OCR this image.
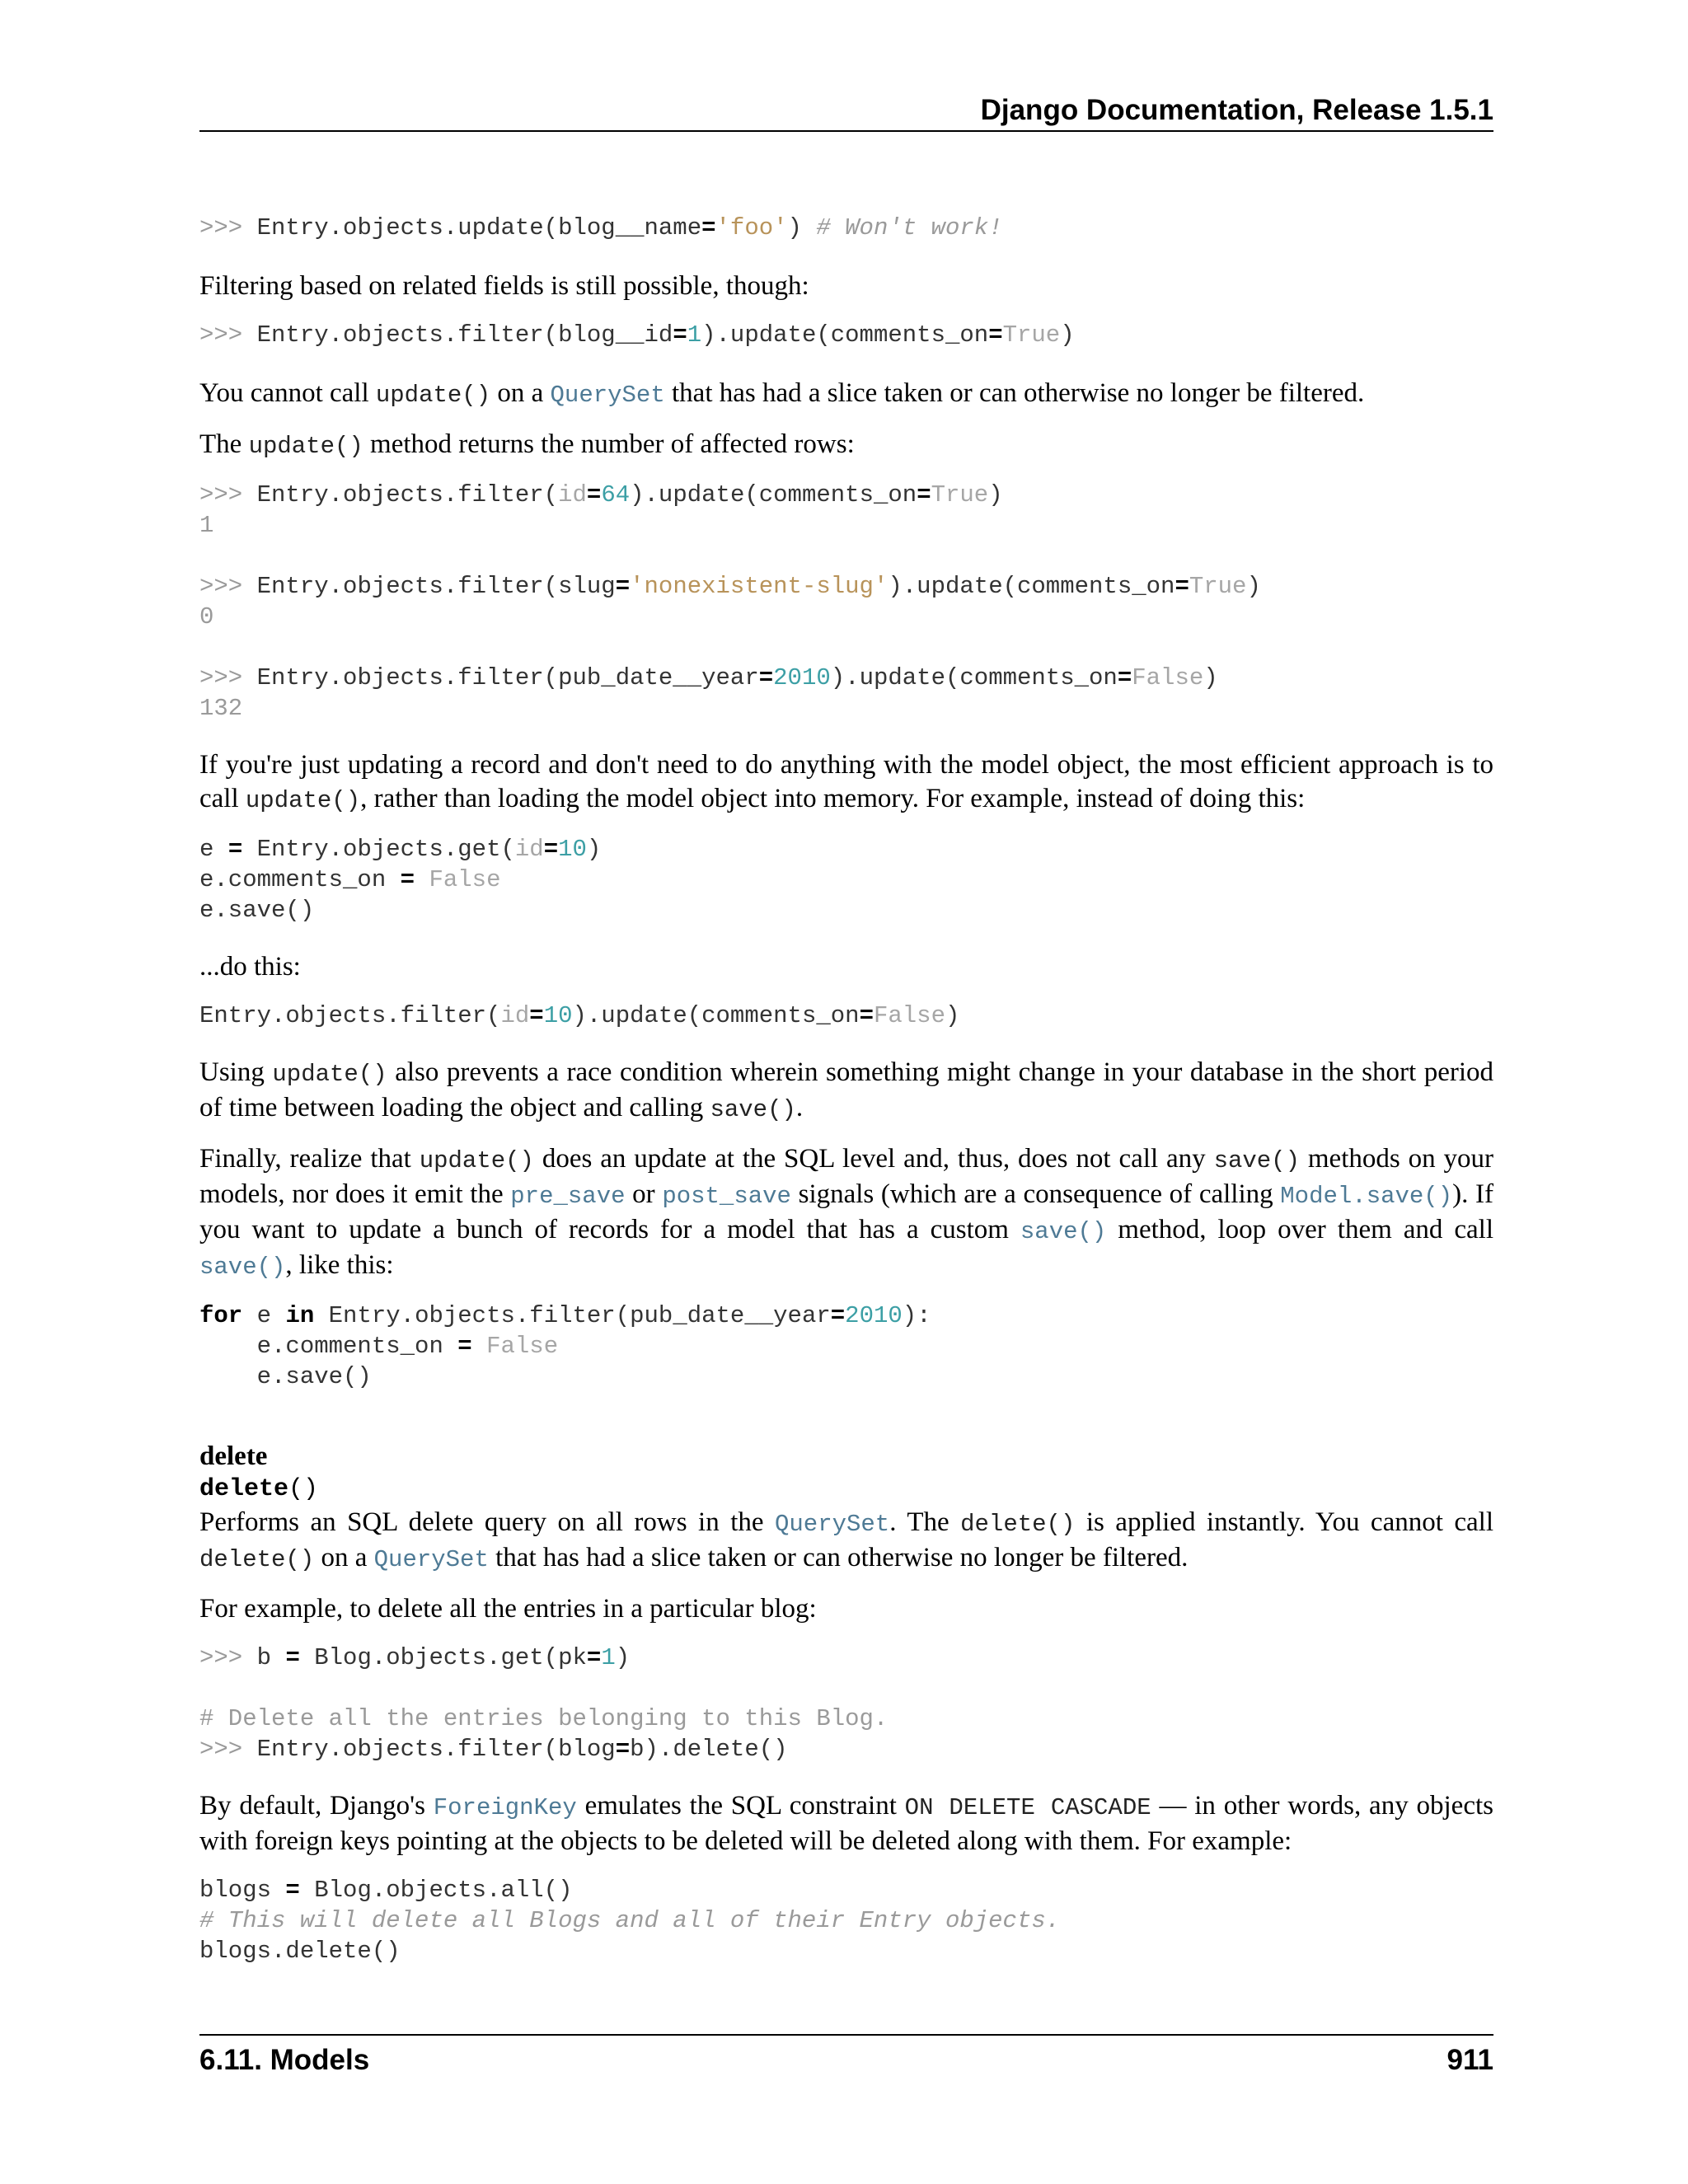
Django Documentation, Release 1.5.1
>>> Entry.objects.update(blog__name='foo') # Won't work!

Filtering based on related fields is still possible, though:

>>> Entry.objects.filter(blog__id=1).update(comments_on=True)

You cannot call update() on a QuerySet that has had a slice taken or can otherwise no longer be filtered.

The update() method returns the number of affected rows:

>>> Entry.objects.filter(id=64).update(comments_on=True)
1

>>> Entry.objects.filter(slug='nonexistent-slug').update(comments_on=True)
0

>>> Entry.objects.filter(pub_date__year=2010).update(comments_on=False)
132

If you're just updating a record and don't need to do anything with the model object, the most efficient approach is to call update(), rather than loading the model object into memory. For example, instead of doing this:

e = Entry.objects.get(id=10)
e.comments_on = False
e.save()

...do this:

Entry.objects.filter(id=10).update(comments_on=False)

Using update() also prevents a race condition wherein something might change in your database in the short period of time between loading the object and calling save().

Finally, realize that update() does an update at the SQL level and, thus, does not call any save() methods on your models, nor does it emit the pre_save or post_save signals (which are a consequence of calling Model.save()). If you want to update a bunch of records for a model that has a custom save() method, loop over them and call save(), like this:

for e in Entry.objects.filter(pub_date__year=2010):
e.comments_on = False
e.save()
delete
delete()

Performs an SQL delete query on all rows in the QuerySet. The delete() is applied instantly. You cannot call delete() on a QuerySet that has had a slice taken or can otherwise no longer be filtered.

For example, to delete all the entries in a particular blog:

>>> b = Blog.objects.get(pk=1)

# Delete all the entries belonging to this Blog.
>>> Entry.objects.filter(blog=b).delete()

By default, Django's ForeignKey emulates the SQL constraint ON DELETE CASCADE — in other words, any objects with foreign keys pointing at the objects to be deleted will be deleted along with them. For example:

blogs = Blog.objects.all()
# This will delete all Blogs and all of their Entry objects.
blogs.delete()
6.11. Models	911
